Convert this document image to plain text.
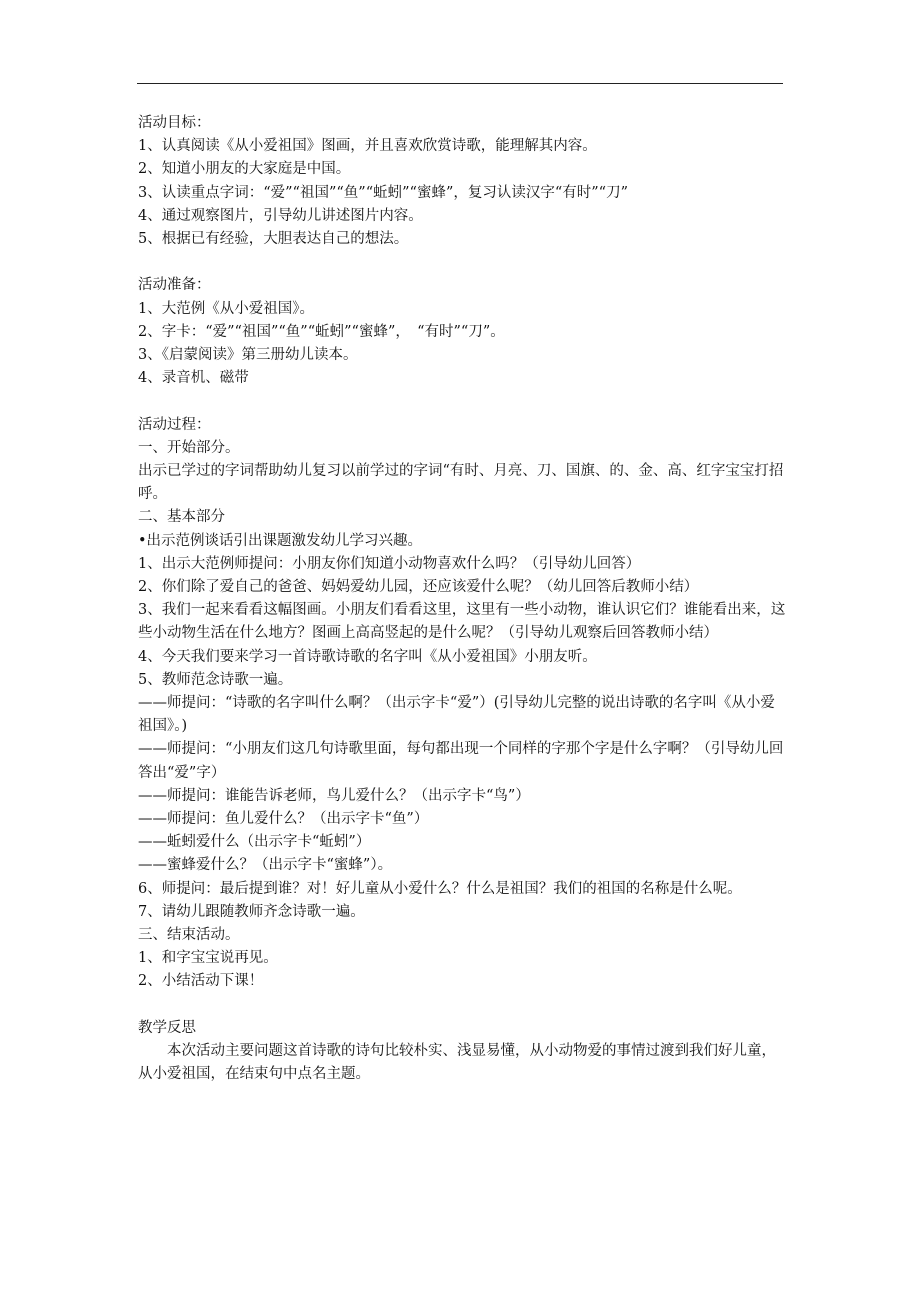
活动目标：

1、认真阅读《从小爱祖国》图画，并且喜欢欣赏诗歌，能理解其内容。

2、知道小朋友的大家庭是中国。

3、认读重点字词：“爱”“祖国”“鱼”“蚯蚓”“蜜蜂”，复习认读汉字“有时”“刀”

4、通过观察图片，引导幼儿讲述图片内容。

5、根据已有经验，大胆表达自己的想法。

活动准备：

1、大范例《从小爱祖国》。

2、字卡：“爱”“祖国”“鱼”“蚯蚓”“蜜蜂”，　“有时”“刀”。

3、《启蒙阅读》第三册幼儿读本。

4、录音机、磁带

活动过程：

一、开始部分。

出示已学过的字词帮助幼儿复习以前学过的字词“有时、月亮、刀、国旗、的、金、高、红字宝宝打招呼。

二、基本部分

•出示范例谈话引出课题激发幼儿学习兴趣。

1、出示大范例师提问：小朋友你们知道小动物喜欢什么吗？（引导幼儿回答）

2、你们除了爱自己的爸爸、妈妈爱幼儿园，还应该爱什么呢？（幼儿回答后教师小结）

3、我们一起来看看这幅图画。小朋友们看看这里，这里有一些小动物，谁认识它们？谁能看出来，这些小动物生活在什么地方？图画上高高竖起的是什么呢？（引导幼儿观察后回答教师小结）

4、今天我们要来学习一首诗歌诗歌的名字叫《从小爱祖国》小朋友听。

5、教师范念诗歌一遍。

——师提问：“诗歌的名字叫什么啊？（出示字卡“爱”）(引导幼儿完整的说出诗歌的名字叫《从小爱祖国》。)

——师提问：“小朋友们这几句诗歌里面，每句都出现一个同样的字那个字是什么字啊？（引导幼儿回答出“爱”字）

——师提问：谁能告诉老师，鸟儿爱什么？（出示字卡“鸟”）

——师提问：鱼儿爱什么？（出示字卡“鱼”）

——蚯蚓爱什么（出示字卡“蚯蚓”）

——蜜蜂爱什么？（出示字卡“蜜蜂”）。

6、师提问：最后提到谁？对！好儿童从小爱什么？什么是祖国？我们的祖国的名称是什么呢。

7、请幼儿跟随教师齐念诗歌一遍。

三、结束活动。

1、和字宝宝说再见。

2、小结活动下课！

教学反思

本次活动主要问题这首诗歌的诗句比较朴实、浅显易懂，从小动物爱的事情过渡到我们好儿童，从小爱祖国，在结束句中点名主题。
